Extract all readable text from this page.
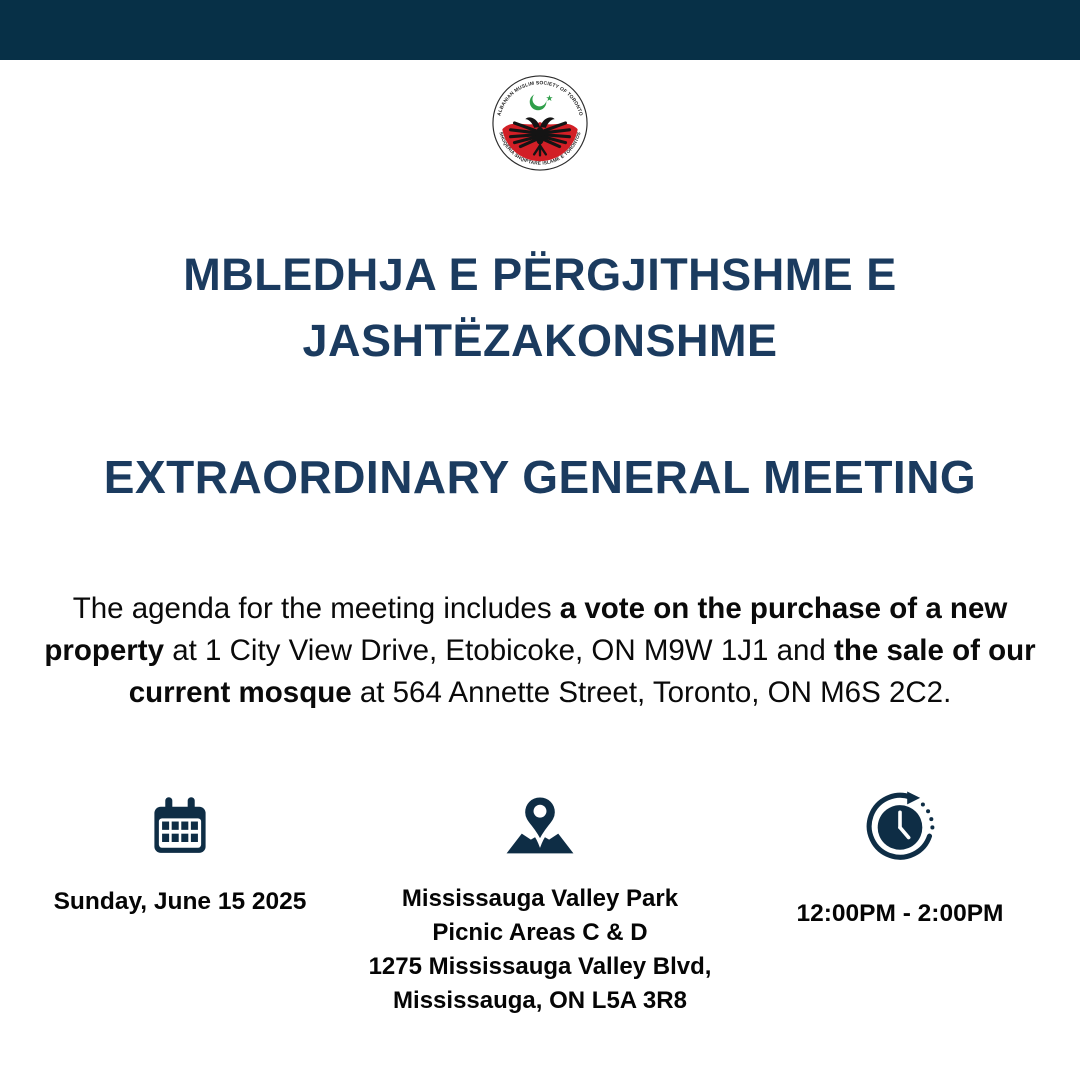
★
ALBANIAN MUSLIM SOCIETY OF TORONTO
SHOQËRIA SHQIPTARE ISLAME E TORONTOS
MBLEDHJA E PËRGJITHSHME E
JASHTËZAKONSHME
EXTRAORDINARY GENERAL MEETING

The agenda for the meeting includes a vote on the purchase of a new property at 1 City View Drive, Etobicoke, ON M9W 1J1 and the sale of our current mosque at 564 Annette Street, Toronto, ON M6S 2C2.

Sunday, June 15 2025	Mississauga Valley Park
Picnic Areas C & D
1275 Mississauga Valley Blvd,
Mississauga, ON L5A 3R8
12:00PM - 2:00PM
